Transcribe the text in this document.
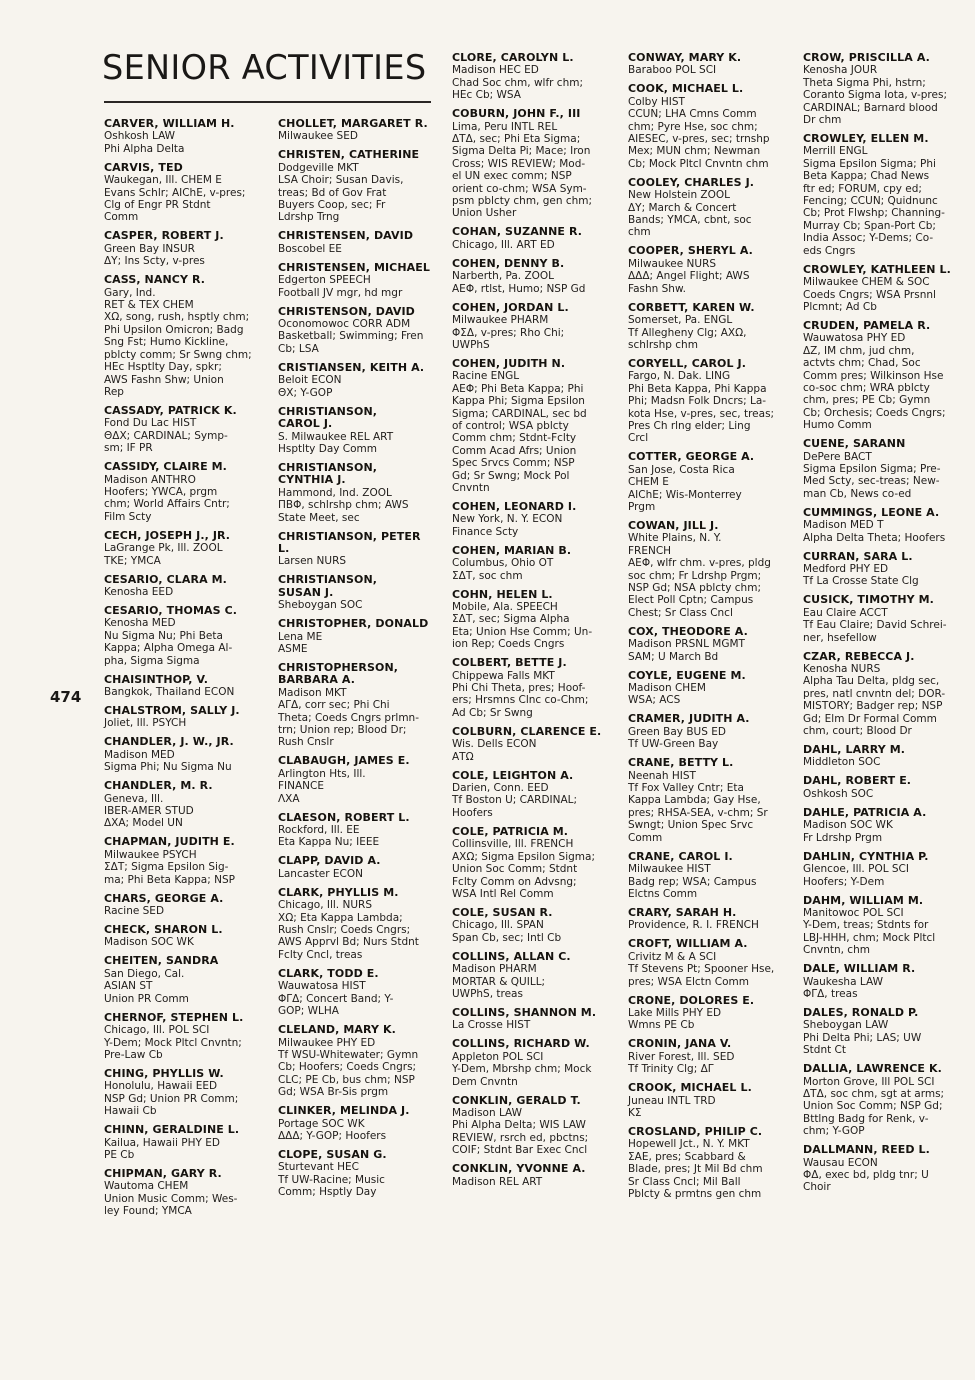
SENIOR ACTIVITIES
474
CARVER, WILLIAM H.
Oshkosh LAW
Phi Alpha Delta
CARVIS, TED
Waukegan, Ill. CHEM E
Evans Schlr; AIChE, v-pres;
Clg of Engr PR Stdnt
Comm
CASPER, ROBERT J.
Green Bay INSUR
ΔΥ; Ins Scty, v-pres
CASS, NANCY R.
Gary, Ind.
RET & TEX CHEM
ΧΩ, song, rush, hsptly chm;
Phi Upsilon Omicron; Badg
Sng Fst; Humo Kickline,
pblcty comm; Sr Swng chm;
HEc Hsptlty Day, spkr;
AWS Fashn Shw; Union
Rep
CASSADY, PATRICK K.
Fond Du Lac HIST
ΘΔΧ; CARDINAL; Symp-
sm; IF PR
CASSIDY, CLAIRE M.
Madison ANTHRO
Hoofers; YWCA, prgm
chm; World Affairs Cntr;
Film Scty
CECH, JOSEPH J., JR.
LaGrange Pk, Ill. ZOOL
ΤΚΕ; YMCA
CESARIO, CLARA M.
Kenosha EED
CESARIO, THOMAS C.
Kenosha MED
Nu Sigma Nu; Phi Beta
Kappa; Alpha Omega Al-
pha, Sigma Sigma
CHAISINTHOP, V.
Bangkok, Thailand ECON
CHALSTROM, SALLY J.
Joliet, Ill. PSYCH
CHANDLER, J. W., JR.
Madison MED
Sigma Phi; Nu Sigma Nu
CHANDLER, M. R.
Geneva, Ill.
IBER-AMER STUD
ΔΧΑ; Model UN
CHAPMAN, JUDITH E.
Milwaukee PSYCH
ΣΔΤ; Sigma Epsilon Sig-
ma; Phi Beta Kappa; NSP
CHARS, GEORGE A.
Racine SED
CHECK, SHARON L.
Madison SOC WK
CHEITEN, SANDRA
San Diego, Cal.
ASIAN ST
Union PR Comm
CHERNOF, STEPHEN L.
Chicago, Ill. POL SCI
Y-Dem; Mock Pltcl Cnvntn;
Pre-Law Cb
CHING, PHYLLIS W.
Honolulu, Hawaii EED
NSP Gd; Union PR Comm;
Hawaii Cb
CHINN, GERALDINE L.
Kailua, Hawaii PHY ED
PE Cb
CHIPMAN, GARY R.
Wautoma CHEM
Union Music Comm; Wes-
ley Found; YMCA
CHOLLET, MARGARET R.
Milwaukee SED
CHRISTEN, CATHERINE
Dodgeville MKT
LSA Choir; Susan Davis,
treas; Bd of Gov Frat
Buyers Coop, sec; Fr
Ldrshp Trng
CHRISTENSEN, DAVID
Boscobel EE
CHRISTENSEN, MICHAEL
Edgerton SPEECH
Football JV mgr, hd mgr
CHRISTENSON, DAVID
Oconomowoc CORR ADM
Basketball; Swimming; Fren
Cb; LSA
CRISTIANSEN, KEITH A.
Beloit ECON
ΘΧ; Y-GOP
CHRISTIANSON,
CAROL J.
S. Milwaukee REL ART
Hsptlty Day Comm
CHRISTIANSON,
CYNTHIA J.
Hammond, Ind. ZOOL
ΠΒΦ, schlrshp chm; AWS
State Meet, sec
CHRISTIANSON, PETER L.
Larsen NURS
CHRISTIANSON,
SUSAN J.
Sheboygan SOC
CHRISTOPHER, DONALD
Lena ME
ASME
CHRISTOPHERSON,
BARBARA A.
Madison MKT
ΑΓΔ, corr sec; Phi Chi
Theta; Coeds Cngrs prlmn-
trn; Union rep; Blood Dr;
Rush Cnslr
CLABAUGH, JAMES E.
Arlington Hts, Ill.
FINANCE
ΛΧΑ
CLAESON, ROBERT L.
Rockford, Ill. EE
Eta Kappa Nu; IEEE
CLAPP, DAVID A.
Lancaster ECON
CLARK, PHYLLIS M.
Chicago, Ill. NURS
ΧΩ; Eta Kappa Lambda;
Rush Cnslr; Coeds Cngrs;
AWS Apprvl Bd; Nurs Stdnt
Fclty Cncl, treas
CLARK, TODD E.
Wauwatosa HIST
ΦΓΔ; Concert Band; Y-
GOP; WLHA
CLELAND, MARY K.
Milwaukee PHY ED
Tf WSU-Whitewater; Gymn
Cb; Hoofers; Coeds Cngrs;
CLC; PE Cb, bus chm; NSP
Gd; WSA Br-Sis prgm
CLINKER, MELINDA J.
Portage SOC WK
ΔΔΔ; Y-GOP; Hoofers
CLOPE, SUSAN G.
Sturtevant HEC
Tf UW-Racine; Music
Comm; Hsptly Day
CLORE, CAROLYN L.
Madison HEC ED
Chad Soc chm, wlfr chm;
HEc Cb; WSA
COBURN, JOHN F., III
Lima, Peru INTL REL
ΔΤΔ, sec; Phi Eta Sigma;
Sigma Delta Pi; Mace; Iron
Cross; WIS REVIEW; Mod-
el UN exec comm; NSP
orient co-chm; WSA Sym-
psm pblcty chm, gen chm;
Union Usher
COHAN, SUZANNE R.
Chicago, Ill. ART ED
COHEN, DENNY B.
Narberth, Pa. ZOOL
ΑΕΦ, rtlst, Humo; NSP Gd
COHEN, JORDAN L.
Milwaukee PHARM
ΦΣΔ, v-pres; Rho Chi;
UWPhS
COHEN, JUDITH N.
Racine ENGL
ΑΕΦ; Phi Beta Kappa; Phi
Kappa Phi; Sigma Epsilon
Sigma; CARDINAL, sec bd
of control; WSA pblcty
Comm chm; Stdnt-Fclty
Comm Acad Afrs; Union
Spec Srvcs Comm; NSP
Gd; Sr Swng; Mock Pol
Cnvntn
COHEN, LEONARD I.
New York, N. Y. ECON
Finance Scty
COHEN, MARIAN B.
Columbus, Ohio OT
ΣΔΤ, soc chm
COHN, HELEN L.
Mobile, Ala. SPEECH
ΣΔΤ, sec; Sigma Alpha
Eta; Union Hse Comm; Un-
ion Rep; Coeds Cngrs
COLBERT, BETTE J.
Chippewa Falls MKT
Phi Chi Theta, pres; Hoof-
ers; Hrsmns Clnc co-Chm;
Ad Cb; Sr Swng
COLBURN, CLARENCE E.
Wis. Dells ECON
ΑΤΩ
COLE, LEIGHTON A.
Darien, Conn. EED
Tf Boston U; CARDINAL;
Hoofers
COLE, PATRICIA M.
Collinsville, Ill. FRENCH
ΑΧΩ; Sigma Epsilon Sigma;
Union Soc Comm; Stdnt
Fclty Comm on Advsng;
WSA Intl Rel Comm
COLE, SUSAN R.
Chicago, Ill. SPAN
Span Cb, sec; Intl Cb
COLLINS, ALLAN C.
Madison PHARM
MORTAR & QUILL;
UWPhS, treas
COLLINS, SHANNON M.
La Crosse HIST
COLLINS, RICHARD W.
Appleton POL SCI
Y-Dem, Mbrshp chm; Mock
Dem Cnvntn
CONKLIN, GERALD T.
Madison LAW
Phi Alpha Delta; WIS LAW
REVIEW, rsrch ed, pbctns;
COIF; Stdnt Bar Exec Cncl
CONKLIN, YVONNE A.
Madison REL ART
CONWAY, MARY K.
Baraboo POL SCI
COOK, MICHAEL L.
Colby HIST
CCUN; LHA Cmns Comm
chm; Pyre Hse, soc chm;
AIESEC, v-pres, sec; trnshp
Mex; MUN chm; Newman
Cb; Mock Pltcl Cnvntn chm
COOLEY, CHARLES J.
New Holstein ZOOL
ΔΥ; March & Concert
Bands; YMCA, cbnt, soc
chm
COOPER, SHERYL A.
Milwaukee NURS
ΔΔΔ; Angel Flight; AWS
Fashn Shw.
CORBETT, KAREN W.
Somerset, Pa. ENGL
Tf Allegheny Clg; ΑΧΩ,
schlrshp chm
CORYELL, CAROL J.
Fargo, N. Dak. LING
Phi Beta Kappa, Phi Kappa
Phi; Madsn Folk Dncrs; La-
kota Hse, v-pres, sec, treas;
Pres Ch rlng elder; Ling
Crcl
COTTER, GEORGE A.
San Jose, Costa Rica
CHEM E
AIChE; Wis-Monterrey
Prgm
COWAN, JILL J.
White Plains, N. Y.
FRENCH
ΑΕΦ, wlfr chm. v-pres, pldg
soc chm; Fr Ldrshp Prgm;
NSP Gd; NSA pblcty chm;
Elect Poll Cptn; Campus
Chest; Sr Class Cncl
COX, THEODORE A.
Madison PRSNL MGMT
SAM; U March Bd
COYLE, EUGENE M.
Madison CHEM
WSA; ACS
CRAMER, JUDITH A.
Green Bay BUS ED
Tf UW-Green Bay
CRANE, BETTY L.
Neenah HIST
Tf Fox Valley Cntr; Eta
Kappa Lambda; Gay Hse,
pres; RHSA-SEA, v-chm; Sr
Swngt; Union Spec Srvc
Comm
CRANE, CAROL I.
Milwaukee HIST
Badg rep; WSA; Campus
Elctns Comm
CRARY, SARAH H.
Providence, R. I. FRENCH
CROFT, WILLIAM A.
Crivitz M & A SCI
Tf Stevens Pt; Spooner Hse,
pres; WSA Elctn Comm
CRONE, DOLORES E.
Lake Mills PHY ED
Wmns PE Cb
CRONIN, JANA V.
River Forest, Ill. SED
Tf Trinity Clg; ΔΓ
CROOK, MICHAEL L.
Juneau INTL TRD
ΚΣ
CROSLAND, PHILIP C.
Hopewell Jct., N. Y. MKT
ΣΑΕ, pres; Scabbard &
Blade, pres; Jt Mil Bd chm
Sr Class Cncl; Mil Ball
Pblcty & prmtns gen chm
CROW, PRISCILLA A.
Kenosha JOUR
Theta Sigma Phi, hstrn;
Coranto Sigma Iota, v-pres;
CARDINAL; Barnard blood
Dr chm
CROWLEY, ELLEN M.
Merrill ENGL
Sigma Epsilon Sigma; Phi
Beta Kappa; Chad News
ftr ed; FORUM, cpy ed;
Fencing; CCUN; Quidnunc
Cb; Prot Flwshp; Channing-
Murray Cb; Span-Port Cb;
India Assoc; Y-Dems; Co-
eds Cngrs
CROWLEY, KATHLEEN L.
Milwaukee CHEM & SOC
Coeds Cngrs; WSA Prsnnl
Plcmnt; Ad Cb
CRUDEN, PAMELA R.
Wauwatosa PHY ED
ΔΖ, IM chm, jud chm,
actvts chm; Chad, Soc
Comm pres; Wilkinson Hse
co-soc chm; WRA pblcty
chm, pres; PE Cb; Gymn
Cb; Orchesis; Coeds Cngrs;
Humo Comm
CUENE, SARANN
DePere BACT
Sigma Epsilon Sigma; Pre-
Med Scty, sec-treas; New-
man Cb, News co-ed
CUMMINGS, LEONE A.
Madison MED T
Alpha Delta Theta; Hoofers
CURRAN, SARA L.
Medford PHY ED
Tf La Crosse State Clg
CUSICK, TIMOTHY M.
Eau Claire ACCT
Tf Eau Claire; David Schrei-
ner, hsefellow
CZAR, REBECCA J.
Kenosha NURS
Alpha Tau Delta, pldg sec,
pres, natl cnvntn del; DOR-
MISTORY; Badger rep; NSP
Gd; Elm Dr Formal Comm
chm, court; Blood Dr
DAHL, LARRY M.
Middleton SOC
DAHL, ROBERT E.
Oshkosh SOC
DAHLE, PATRICIA A.
Madison SOC WK
Fr Ldrshp Prgm
DAHLIN, CYNTHIA P.
Glencoe, Ill. POL SCI
Hoofers; Y-Dem
DAHM, WILLIAM M.
Manitowoc POL SCI
Y-Dem, treas; Stdnts for
LBJ-HHH, chm; Mock Pltcl
Cnvntn, chm
DALE, WILLIAM R.
Waukesha LAW
ΦΓΔ, treas
DALES, RONALD P.
Sheboygan LAW
Phi Delta Phi; LAS; UW
Stdnt Ct
DALLIA, LAWRENCE K.
Morton Grove, Ill POL SCI
ΔΤΔ, soc chm, sgt at arms;
Union Soc Comm; NSP Gd;
Bttlng Badg for Renk, v-
chm; Y-GOP
DALLMANN, REED L.
Wausau ECON
ΦΔ, exec bd, pldg tnr; U
Choir
